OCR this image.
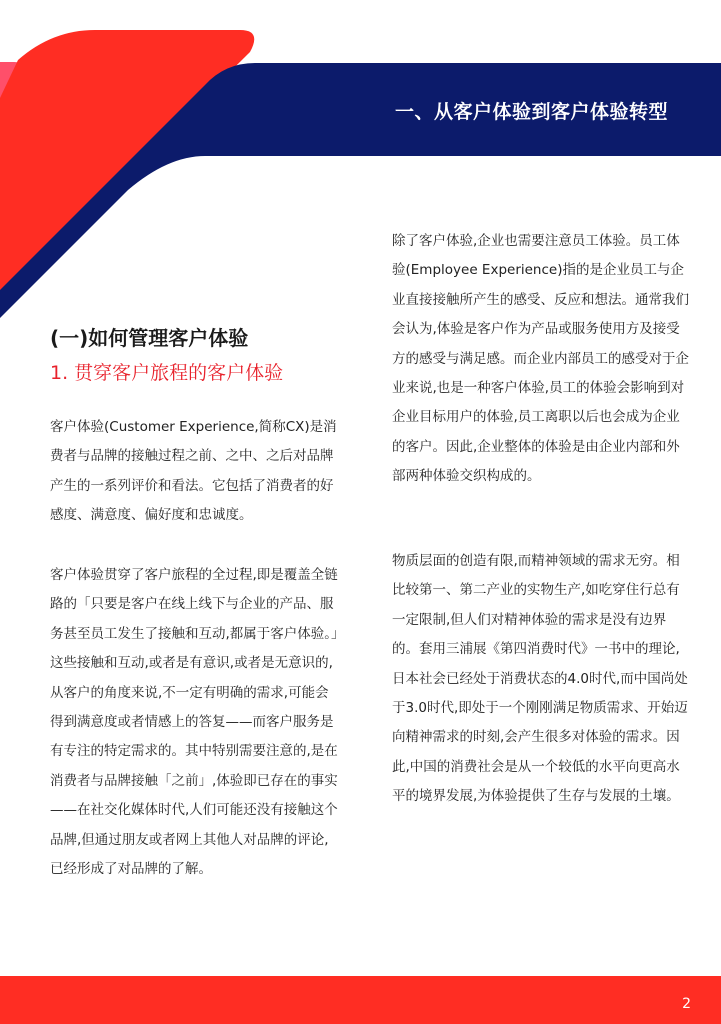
一、从客户体验到客户体验转型
(一)如何管理客户体验
1. 贯穿客户旅程的客户体验

客户体验(Customer Experience,简称CX)是消费者与品牌的接触过程之前、之中、之后对品牌产生的一系列评价和看法。它包括了消费者的好感度、满意度、偏好度和忠诚度。

客户体验贯穿了客户旅程的全过程,即是覆盖全链路的「只要是客户在线上线下与企业的产品、服务甚至员工发生了接触和互动,都属于客户体验。」这些接触和互动,或者是有意识,或者是无意识的,从客户的角度来说,不一定有明确的需求,可能会得到满意度或者情感上的答复——而客户服务是有专注的特定需求的。其中特别需要注意的,是在消费者与品牌接触「之前」,体验即已存在的事实——在社交化媒体时代,人们可能还没有接触这个品牌,但通过朋友或者网上其他人对品牌的评论,已经形成了对品牌的了解。

除了客户体验,企业也需要注意员工体验。员工体验(Employee Experience)指的是企业员工与企业直接接触所产生的感受、反应和想法。通常我们会认为,体验是客户作为产品或服务使用方及接受方的感受与满足感。而企业内部员工的感受对于企业来说,也是一种客户体验,员工的体验会影响到对企业目标用户的体验,员工离职以后也会成为企业的客户。因此,企业整体的体验是由企业内部和外部两种体验交织构成的。

物质层面的创造有限,而精神领域的需求无穷。相比较第一、第二产业的实物生产,如吃穿住行总有一定限制,但人们对精神体验的需求是没有边界的。套用三浦展《第四消费时代》一书中的理论,日本社会已经处于消费状态的4.0时代,而中国尚处于3.0时代,即处于一个刚刚满足物质需求、开始迈向精神需求的时刻,会产生很多对体验的需求。因此,中国的消费社会是从一个较低的水平向更高水平的境界发展,为体验提供了生存与发展的土壤。

2
